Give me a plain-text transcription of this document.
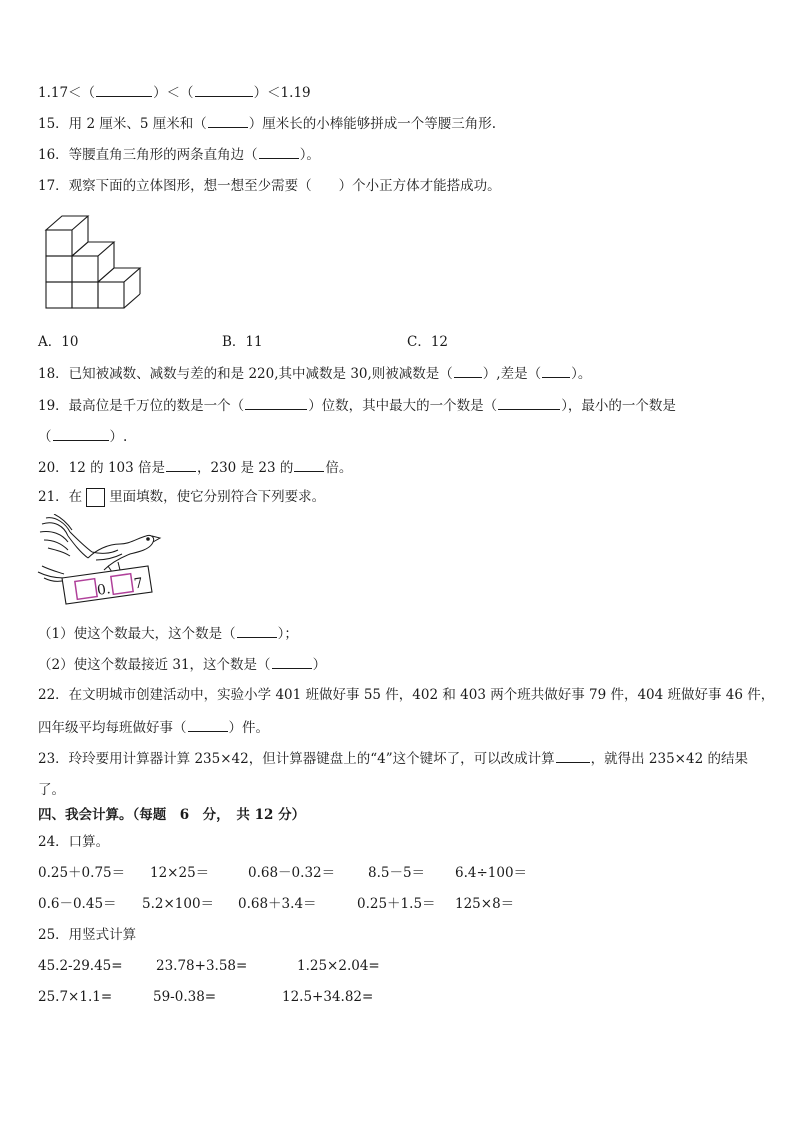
1.17＜（	）＜（	）＜1.19
15．用 2 厘米、5 厘米和（	）厘米长的小棒能够拼成一个等腰三角形.
16．等腰直角三角形的两条直角边（	）。
17．观察下面的立体图形，想一想至少需要（　　）个小正方体才能搭成功。
A．10	B．11	C．12
18．已知被减数、减数与差的和是 220,其中减数是 30,则被减数是（ ）,差是（ ）。
19．最高位是千万位的数是一个（	）位数，其中最大的一个数是（	），最小的一个数是
（	）.
20．12 的 103 倍是 ，230 是 23 的 倍。
21．在 里面填数，使它分别符合下列要求。
0. 7
（1）使这个数最大，这个数是（	）；
（2）使这个数最接近 31，这个数是（	）
22．在文明城市创建活动中，实验小学 401 班做好事 55 件，402 和 403 两个班共做好事 79 件，404 班做好事 46 件，
四年级平均每班做好事（	）件。
23．玲玲要用计算器计算 235×42，但计算器键盘上的“4”这个键坏了，可以改成计算	，就得出 235×42 的结果
了。
四、我会计算。（每题　6　分，　共 12 分）
24．口算。
0.25＋0.75＝ 12×25＝	0.68－0.32＝ 8.5－5＝ 6.4÷100＝
0.6－0.45＝ 5.2×100＝ 0.68＋3.4＝	0.25＋1.5＝ 125×8＝
25．用竖式计算
45.2-29.45= 23.78+3.58=	1.25×2.04=
25.7×1.1=	59-0.38=	12.5+34.82=
